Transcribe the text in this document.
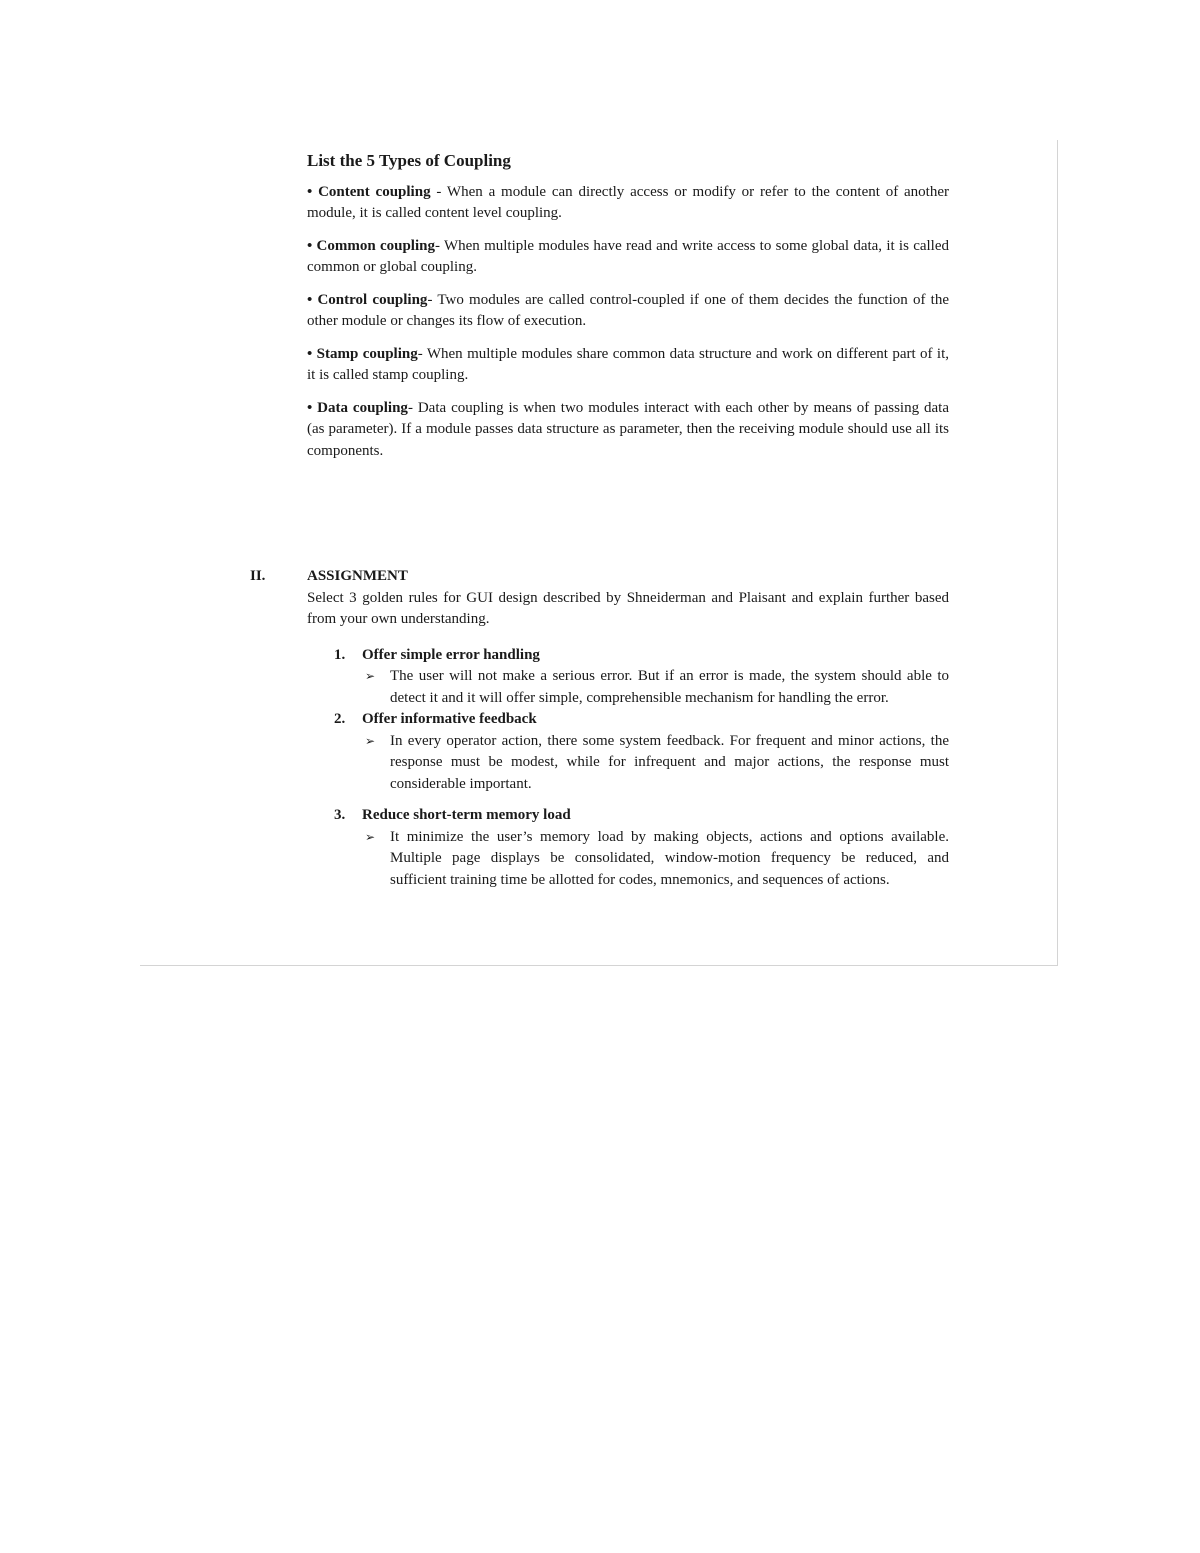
List the 5 Types of Coupling

• Content coupling - When a module can directly access or modify or refer to the content of another module, it is called content level coupling.

• Common coupling- When multiple modules have read and write access to some global data, it is called common or global coupling.

• Control coupling- Two modules are called control-coupled if one of them decides the function of the other module or changes its flow of execution.

• Stamp coupling- When multiple modules share common data structure and work on different part of it, it is called stamp coupling.

• Data coupling- Data coupling is when two modules interact with each other by means of passing data (as parameter). If a module passes data structure as parameter, then the receiving module should use all its components.

II.	ASSIGNMENT

Select 3 golden rules for GUI design described by Shneiderman and Plaisant and explain further based from your own understanding.

1. Offer simple error handling

➢ The user will not make a serious error. But if an error is made, the system should able to detect it and it will offer simple, comprehensible mechanism for handling the error.

2. Offer informative feedback

➢ In every operator action, there some system feedback. For frequent and minor actions, the response must be modest, while for infrequent and major actions, the response must considerable important.

3. Reduce short-term memory load

➢ It minimize the user’s memory load by making objects, actions and options available. Multiple page displays be consolidated, window-motion frequency be reduced, and sufficient training time be allotted for codes, mnemonics, and sequences of actions.
